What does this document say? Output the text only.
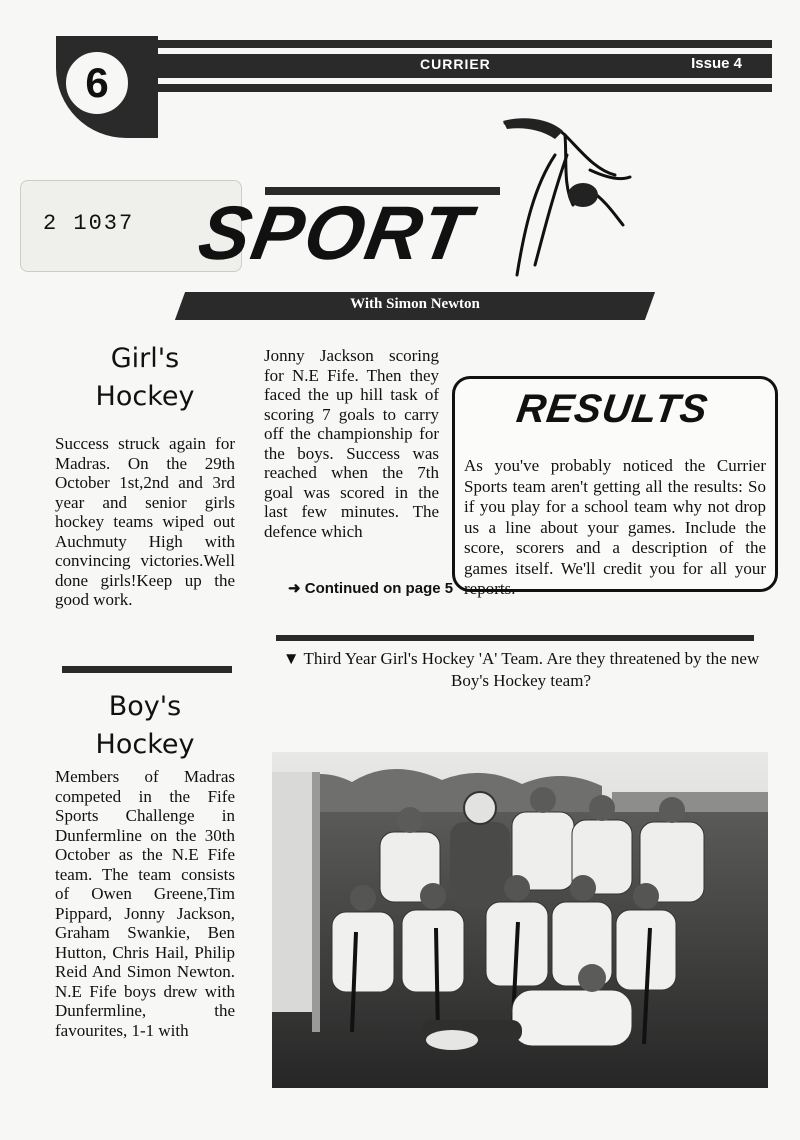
CURRIER	Issue 4
6
2 1037 SPORT
With Simon Newton

Girl's

Hockey

Success struck again for Madras. On the 29th October 1st,2nd and 3rd year and senior girls hockey teams wiped out Auchmuty High with convincing victories.Well done girls!Keep up the good work.

Boy's

Hockey

Members of Madras competed in the Fife Sports Challenge in Dunfermline on the 30th October as the N.E Fife team. The team consists of Owen Greene,Tim Pippard, Jonny Jackson, Graham Swankie, Ben Hutton, Chris Hail, Philip Reid And Simon Newton. N.E Fife boys drew with Dunfermline, the favourites, 1-1 with

Jonny Jackson scoring for N.E Fife. Then they faced the up hill task of scoring 7 goals to carry off the championship for the boys. Success was reached when the 7th goal was scored in the last few minutes. The defence which

➜ Continued on page 5
RESULTS

As you've probably noticed the Currier Sports team aren't getting all the results: So if you play for a school team why not drop us a line about your games. Include the score, scorers and a description of the games itself. We'll credit you for all your reports.

▼ Third Year Girl's Hockey 'A' Team. Are they threatened by the new Boy's Hockey team?
